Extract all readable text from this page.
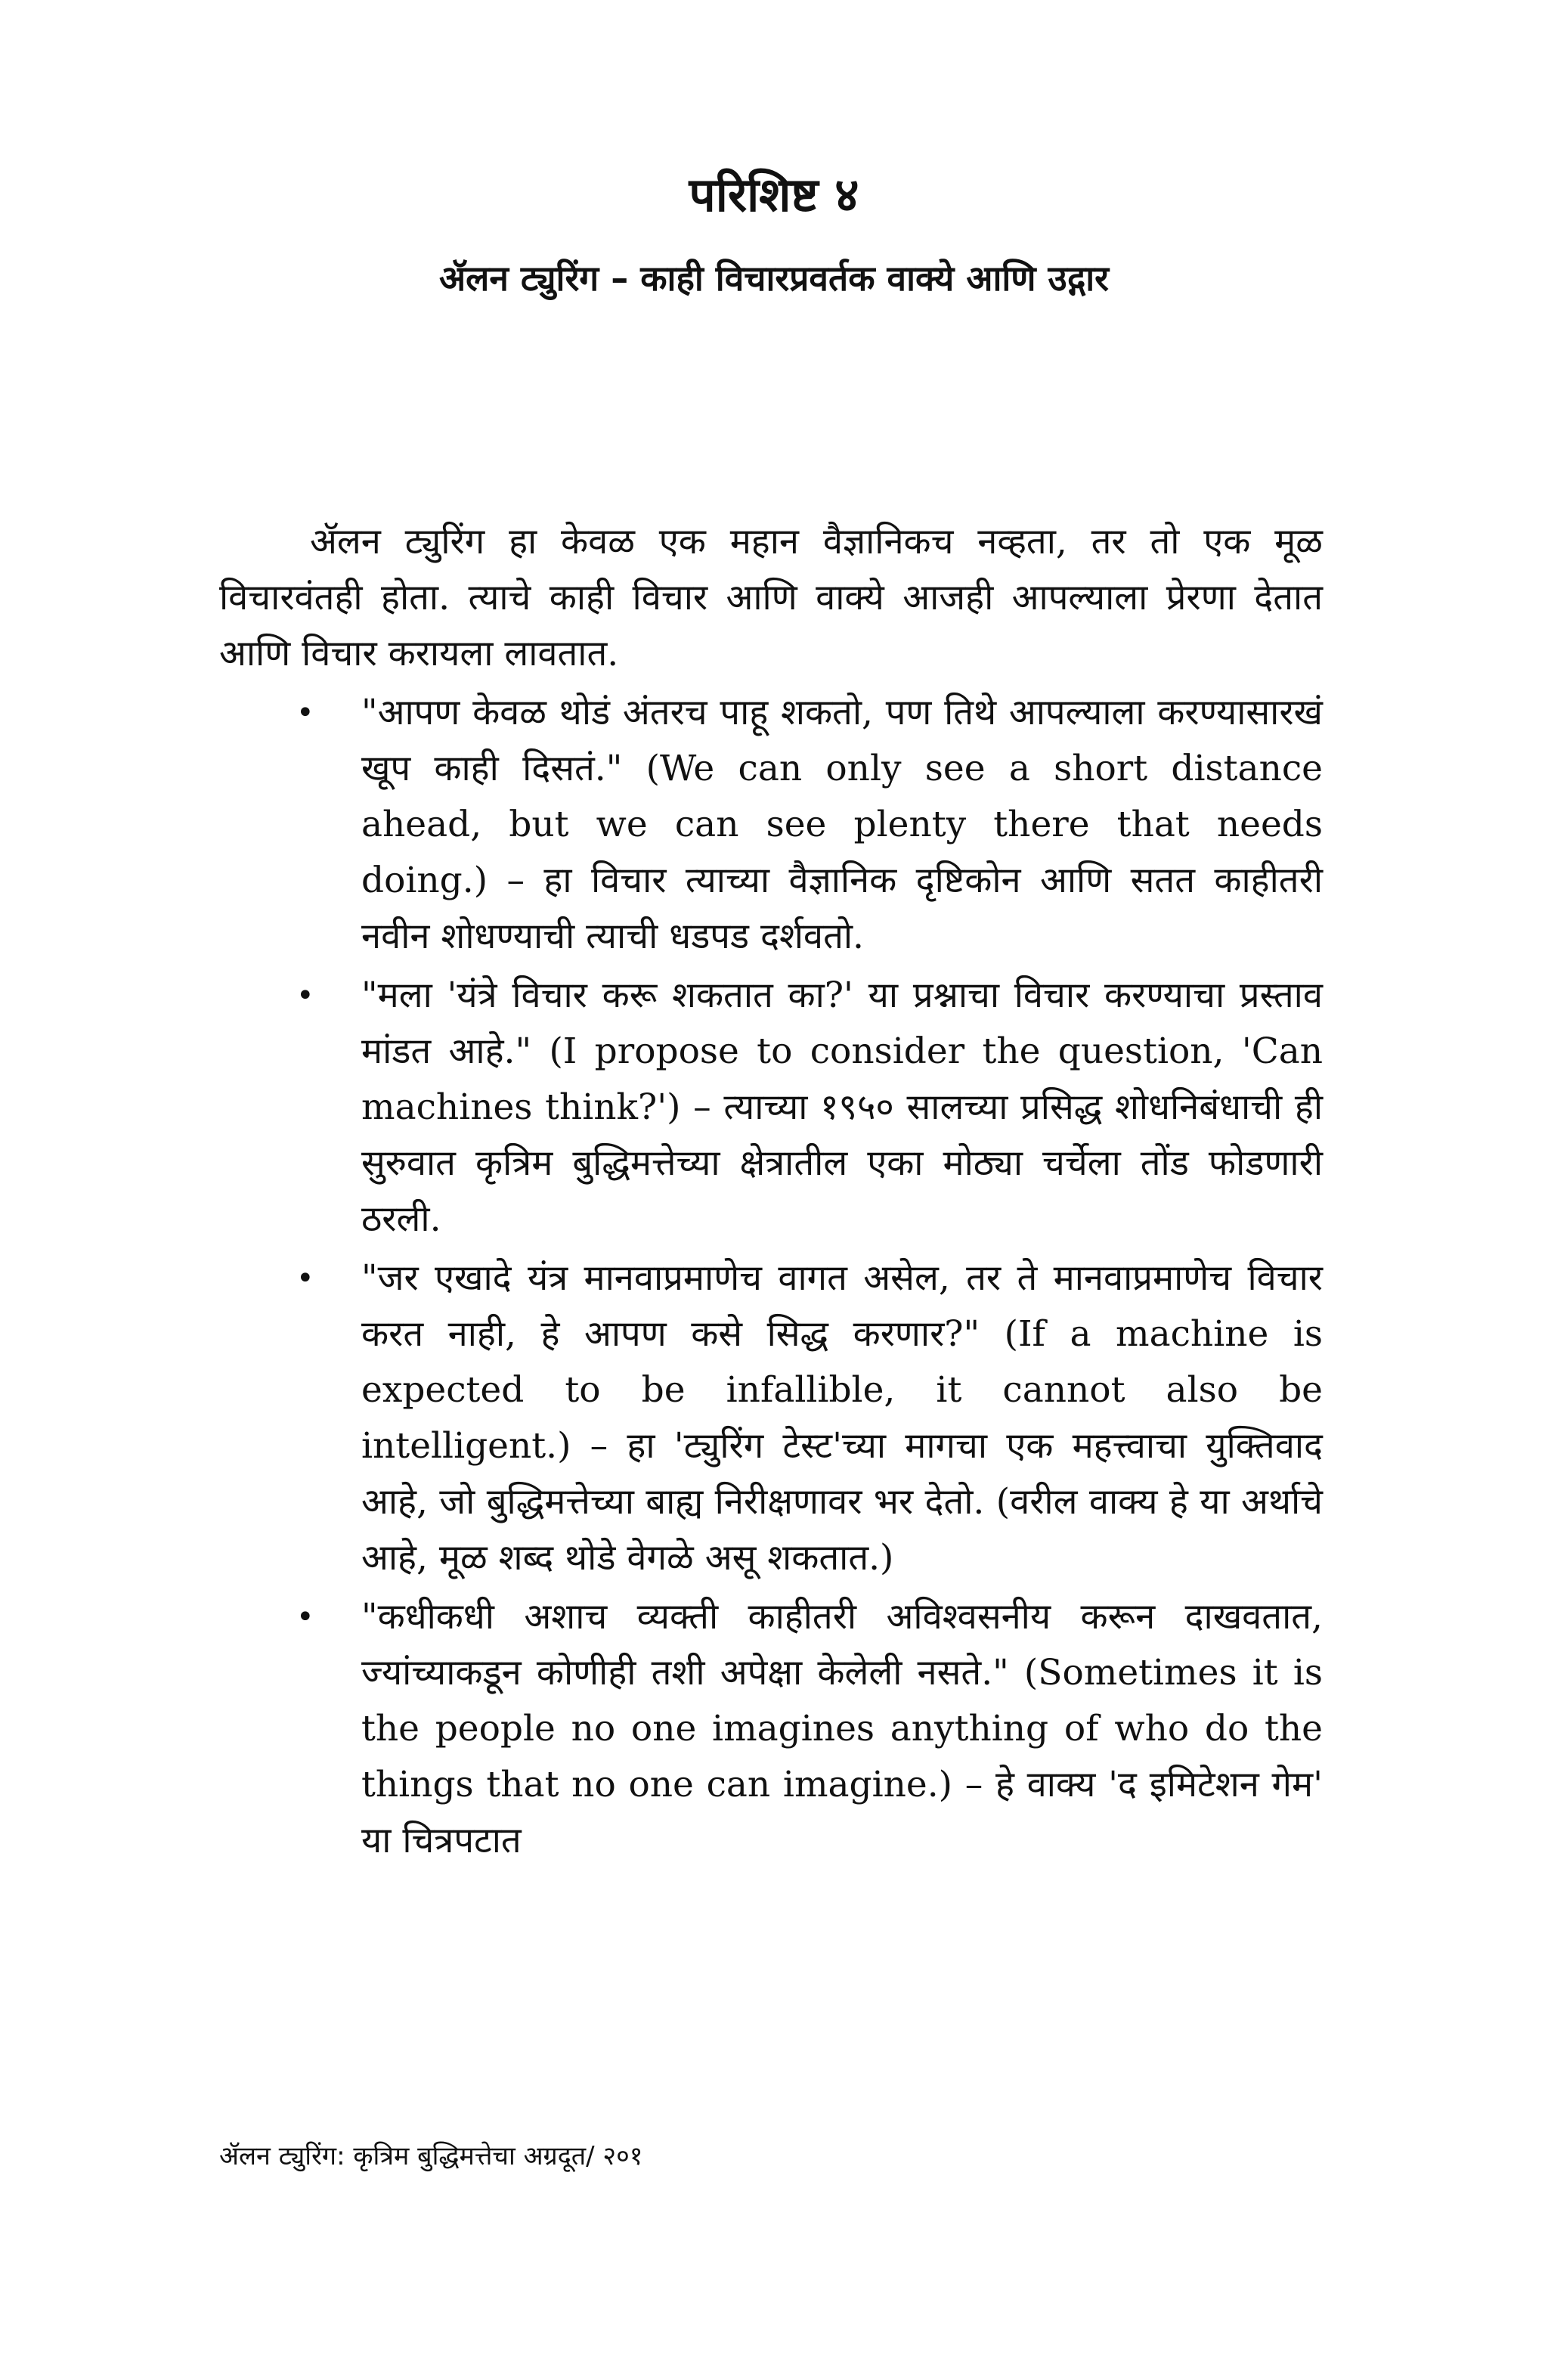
परिशिष्ट ४
ॲलन ट्युरिंग – काही विचारप्रवर्तक वाक्ये आणि उद्गार

ॲलन ट्युरिंग हा केवळ एक महान वैज्ञानिकच नव्हता, तर तो एक मूळ विचारवंतही होता. त्याचे काही विचार आणि वाक्ये आजही आपल्याला प्रेरणा देतात आणि विचार करायला लावतात.

• "आपण केवळ थोडं अंतरच पाहू शकतो, पण तिथे आपल्याला करण्यासारखं खूप काही दिसतं." (We can only see a short distance ahead, but we can see plenty there that needs doing.) – हा विचार त्याच्या वैज्ञानिक दृष्टिकोन आणि सतत काहीतरी नवीन शोधण्याची त्याची धडपड दर्शवतो.
• "मला 'यंत्रे विचार करू शकतात का?' या प्रश्नाचा विचार करण्याचा प्रस्ताव मांडत आहे." (I propose to consider the question, 'Can machines think?') – त्याच्या १९५० सालच्या प्रसिद्ध शोधनिबंधाची ही सुरुवात कृत्रिम बुद्धिमत्तेच्या क्षेत्रातील एका मोठ्या चर्चेला तोंड फोडणारी ठरली.
• "जर एखादे यंत्र मानवाप्रमाणेच वागत असेल, तर ते मानवाप्रमाणेच विचार करत नाही, हे आपण कसे सिद्ध करणार?" (If a machine is expected to be infallible, it cannot also be intelligent.) – हा 'ट्युरिंग टेस्ट'च्या मागचा एक महत्त्वाचा युक्तिवाद आहे, जो बुद्धिमत्तेच्या बाह्य निरीक्षणावर भर देतो. (वरील वाक्य हे या अर्थाचे आहे, मूळ शब्द थोडे वेगळे असू शकतात.)
• "कधीकधी अशाच व्यक्ती काहीतरी अविश्वसनीय करून दाखवतात, ज्यांच्याकडून कोणीही तशी अपेक्षा केलेली नसते." (Sometimes it is the people no one imagines anything of who do the things that no one can imagine.) – हे वाक्य 'द इमिटेशन गेम' या चित्रपटात

ॲलन ट्युरिंग: कृत्रिम बुद्धिमत्तेचा अग्रदूत/ २०१
